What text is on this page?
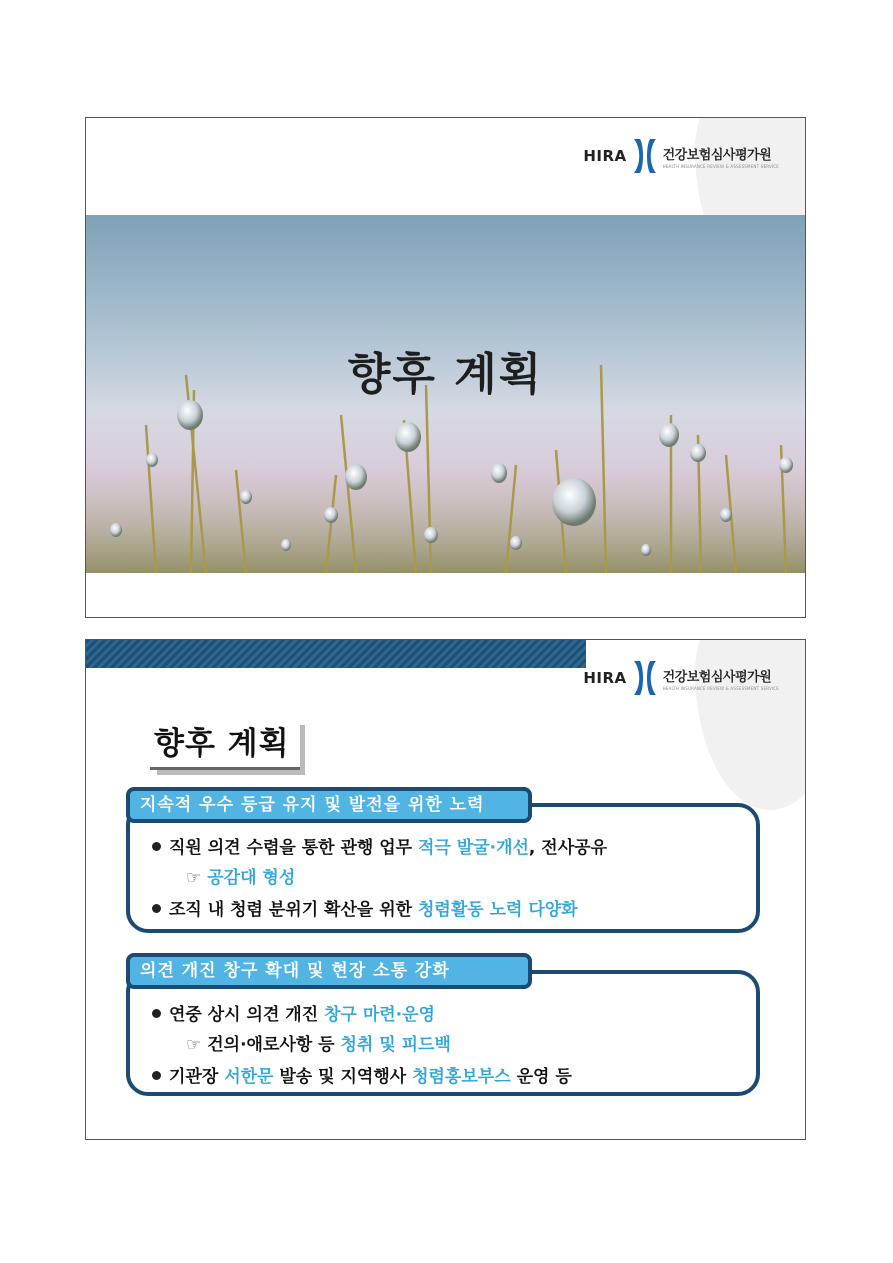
HIRA	건강보험심사평가원
HEALTH INSURANCE REVIEW & ASSESSMENT SERVICE
향후 계획
HIRA	건강보험심사평가원
HEALTH INSURANCE REVIEW & ASSESSMENT SERVICE
향후 계획
직원 의견 수렴을 통한 관행 업무 적극 발굴·개선, 전사공유
☞ 공감대 형성
조직 내 청렴 분위기 확산을 위한 청렴활동 노력 다양화
지속적 우수 등급 유지 및 발전을 위한 노력
연중 상시 의견 개진 창구 마련·운영
☞ 건의·애로사항 등 청취 및 피드백
기관장 서한문 발송 및 지역행사 청렴홍보부스 운영 등
의견 개진 창구 확대 및 현장 소통 강화
